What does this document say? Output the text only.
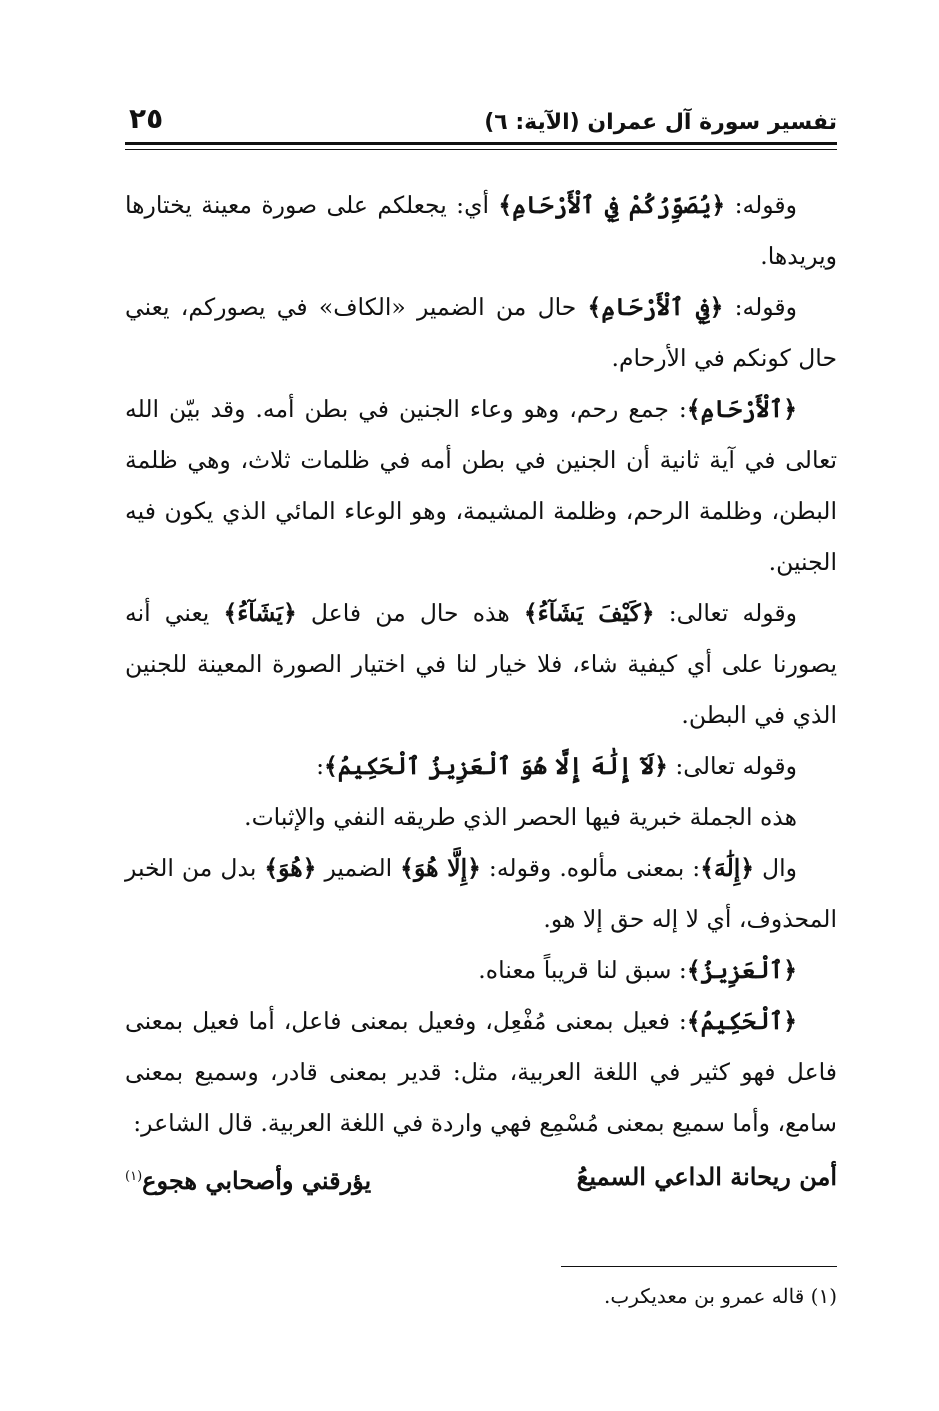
تفسير سورة آل عمران (الآية: ٦)
٢٥

وقوله: ﴿يُصَوِّرُكُمْ فِي ٱلْأَرْحَامِ﴾ أي: يجعلكم على صورة معينة يختارها ويريدها.

وقوله: ﴿فِي ٱلْأَرْحَامِ﴾ حال من الضمير «الكاف» في يصوركم، يعني حال كونكم في الأرحام.

﴿ٱلْأَرْحَامِ﴾: جمع رحم، وهو وعاء الجنين في بطن أمه. وقد بيّن الله تعالى في آية ثانية أن الجنين في بطن أمه في ظلمات ثلاث، وهي ظلمة البطن، وظلمة الرحم، وظلمة المشيمة، وهو الوعاء المائي الذي يكون فيه الجنين.

وقوله تعالى: ﴿كَيْفَ يَشَآءُ﴾ هذه حال من فاعل ﴿يَشَآءُ﴾ يعني أنه يصورنا على أي كيفية شاء، فلا خيار لنا في اختيار الصورة المعينة للجنين الذي في البطن.

وقوله تعالى: ﴿لَآ إِلَٰهَ إِلَّا هُوَ ٱلْعَزِيزُ ٱلْحَكِيمُ﴾:

هذه الجملة خبرية فيها الحصر الذي طريقه النفي والإثبات.

وال ﴿إِلَٰهَ﴾: بمعنى مألوه. وقوله: ﴿إِلَّا هُوَ﴾ الضمير ﴿هُوَ﴾ بدل من الخبر المحذوف، أي لا إله حق إلا هو.

﴿ٱلْعَزِيزُ﴾: سبق لنا قريباً معناه.

﴿ٱلْحَكِيمُ﴾: فعيل بمعنى مُفْعِل، وفعيل بمعنى فاعل، أما فعيل بمعنى فاعل فهو كثير في اللغة العربية، مثل: قدير بمعنى قادر، وسميع بمعنى سامع، وأما سميع بمعنى مُسْمِع فهي واردة في اللغة العربية. قال الشاعر:

أمن ريحانة الداعي السميعُ
يؤرقني وأصحابي هجوع$^{(١)}$
(١) قاله عمرو بن معديكرب.
